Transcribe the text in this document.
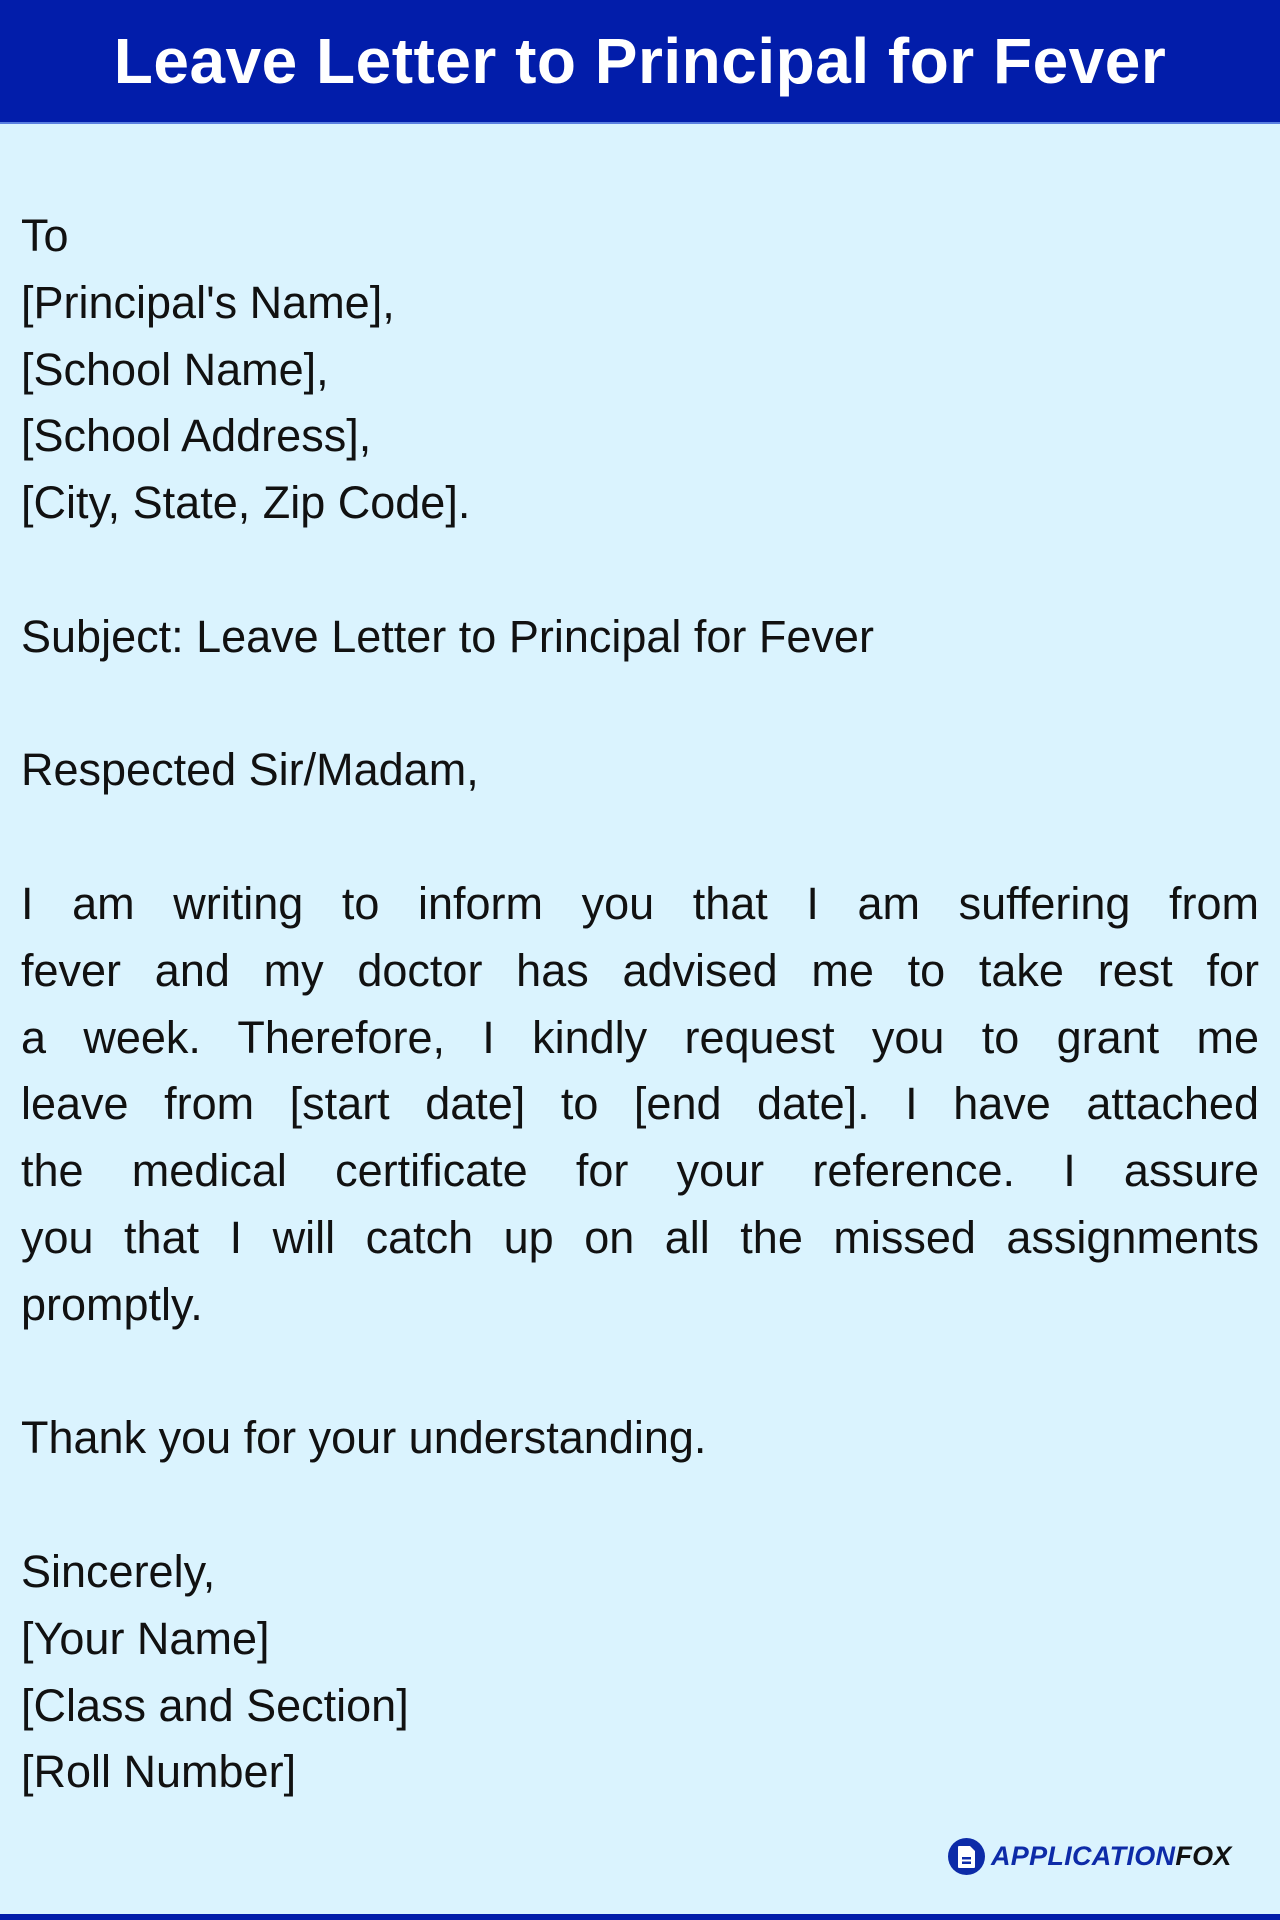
Leave Letter to Principal for Fever
To
[Principal's Name],
[School Name],
[School Address],
[City, State, Zip Code].
Subject: Leave Letter to Principal for Fever
Respected Sir/Madam,
I am writing to inform you that I am suffering from
fever and my doctor has advised me to take rest for
a week. Therefore, I kindly request you to grant me
leave from [start date] to [end date]. I have attached
the medical certificate for your reference. I assure
you that I will catch up on all the missed assignments
promptly.
Thank you for your understanding.
Sincerely,
[Your Name]
[Class and Section]
[Roll Number]
APPLICATION FOX
